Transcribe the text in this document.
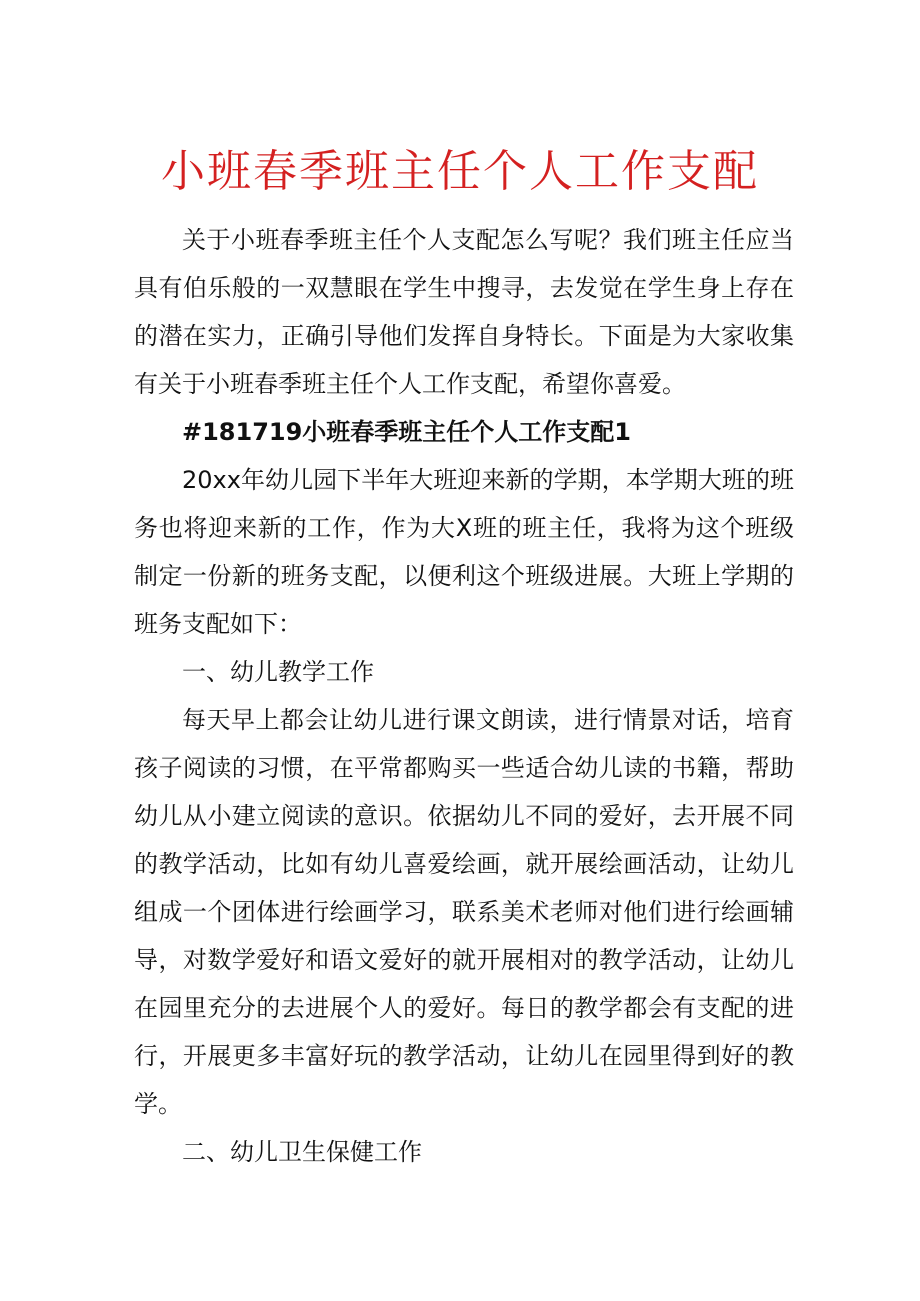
小班春季班主任个人工作支配

关于小班春季班主任个人支配怎么写呢？我们班主任应当具有伯乐般的一双慧眼在学生中搜寻，去发觉在学生身上存在的潜在实力，正确引导他们发挥自身特长。下面是为大家收集有关于小班春季班主任个人工作支配，希望你喜爱。

#181719小班春季班主任个人工作支配1

20xx年幼儿园下半年大班迎来新的学期，本学期大班的班务也将迎来新的工作，作为大X班的班主任，我将为这个班级制定一份新的班务支配，以便利这个班级进展。大班上学期的班务支配如下：

一、幼儿教学工作

每天早上都会让幼儿进行课文朗读，进行情景对话，培育孩子阅读的习惯，在平常都购买一些适合幼儿读的书籍，帮助幼儿从小建立阅读的意识。依据幼儿不同的爱好，去开展不同的教学活动，比如有幼儿喜爱绘画，就开展绘画活动，让幼儿组成一个团体进行绘画学习，联系美术老师对他们进行绘画辅导，对数学爱好和语文爱好的就开展相对的教学活动，让幼儿在园里充分的去进展个人的爱好。每日的教学都会有支配的进行，开展更多丰富好玩的教学活动，让幼儿在园里得到好的教学。

二、幼儿卫生保健工作
